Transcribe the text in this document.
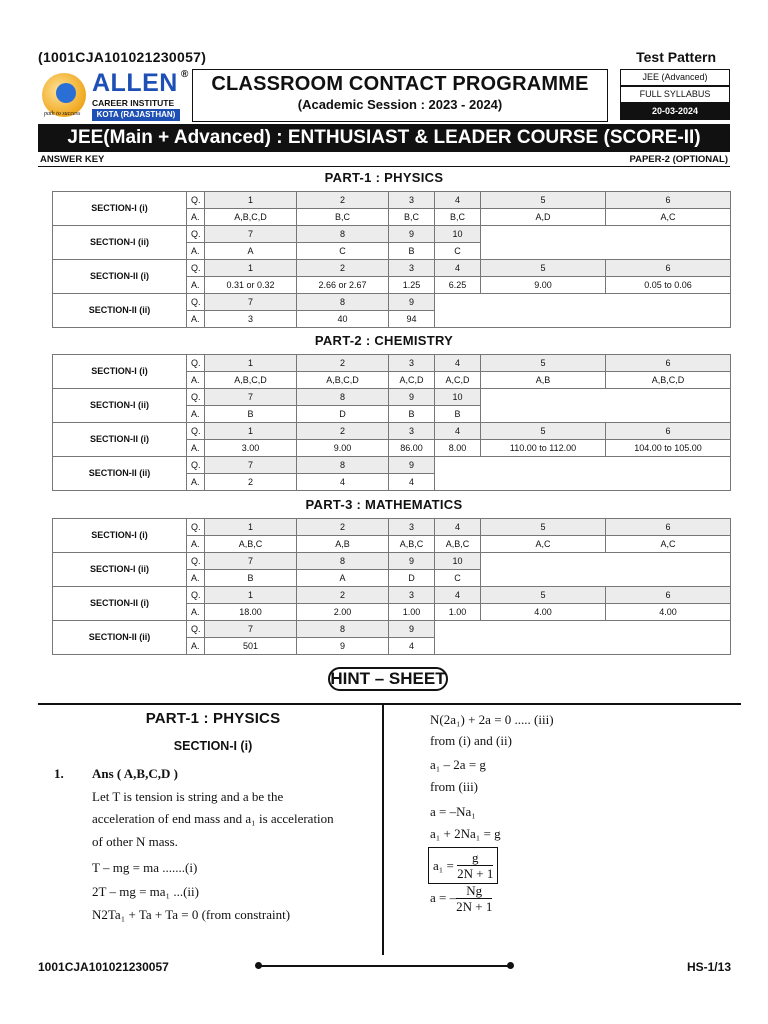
(1001CJA101021230057)	Test Pattern
path to success
ALLEN ®
CAREER INSTITUTE
KOTA (RAJASTHAN)
CLASSROOM CONTACT PROGRAMME
(Academic Session : 2023 - 2024)
JEE (Advanced)
FULL SYLLABUS
20-03-2024
JEE(Main + Advanced) : ENTHUSIAST & LEADER COURSE (SCORE-II)
ANSWER KEY	PAPER-2 (OPTIONAL)
PART-1 : PHYSICS
SECTION-I (i)	Q.	1	2	3	4	5	6
	A.	A,B,C,D	B,C	B,C	B,C	A,D	A,C
SECTION-I (ii)	Q.	7	8	9	10		
	A.	A	C	B	C		
SECTION-II (i)	Q.	1	2	3	4	5	6
	A.	0.31 or 0.32	2.66 or 2.67	1.25	6.25	9.00	0.05 to 0.06
SECTION-II (ii)	Q.	7	8	9			
	A.	3	40	94			
PART-2 : CHEMISTRY
SECTION-I (i)	Q.	1	2	3	4	5	6
	A.	A,B,C,D	A,B,C,D	A,C,D	A,C,D	A,B	A,B,C,D
SECTION-I (ii)	Q.	7	8	9	10		
	A.	B	D	B	B		
SECTION-II (i)	Q.	1	2	3	4	5	6
	A.	3.00	9.00	86.00	8.00	110.00 to 112.00	104.00 to 105.00
SECTION-II (ii)	Q.	7	8	9			
	A.	2	4	4			
PART-3 : MATHEMATICS
SECTION-I (i)	Q.	1	2	3	4	5	6
	A.	A,B,C	A,B	A,B,C	A,B,C	A,C	A,C
SECTION-I (ii)	Q.	7	8	9	10		
	A.	B	A	D	C		
SECTION-II (i)	Q.	1	2	3	4	5	6
	A.	18.00	2.00	1.00	1.00	4.00	4.00
SECTION-II (ii)	Q.	7	8	9			
	A.	501	9	4			
HINT – SHEET
PART-1 : PHYSICS
SECTION-I (i)
1. Ans ( A,B,C,D )
Let T is tension is string and a be the
acceleration of end mass and a₁ is acceleration
of other N mass.
T – mg = ma .......(i)
2T – mg = ma₁ ...(ii)
N2Ta₁ + Ta + Ta = 0 (from constraint)
N(2a₁) + 2a = 0 ..... (iii)
from (i) and (ii)
a₁ – 2a = g
from (iii)
a = –Na₁
a₁ + 2Na₁ = g
a₁ =
$\frac{g}{2N + 1}$
a = – $\frac{Ng}{2N + 1}$
1001CJA101021230057	HS-1/13
